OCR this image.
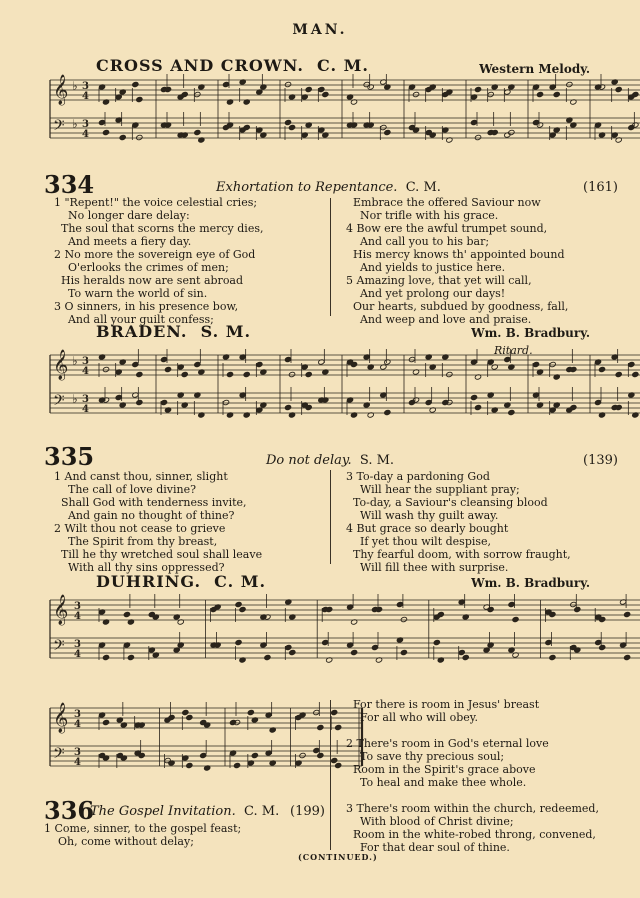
MAN.
CROSS AND CROWN. C. M.	Western Melody.
𝄞 ♭ 3
4
𝄢 ♭ 3
4
334	Exhortation to Repentance. C. M.	(161)
1 "Repent!" the voice celestial cries;
No longer dare delay:
The soul that scorns the mercy dies,
And meets a fiery day.
2 No more the sovereign eye of God
O'erlooks the crimes of men;
His heralds now are sent abroad
To warn the world of sin.
3 O sinners, in his presence bow,
And all your guilt confess;
Embrace the offered Saviour now
Nor trifle with his grace.
4 Bow ere the awful trumpet sound,
And call you to his bar;
His mercy knows th' appointed bound
And yields to justice here.
5 Amazing love, that yet will call,
And yet prolong our days!
Our hearts, subdued by goodness, fall,
And weep and love and praise.
BRADEN. S. M.	Wm. B. Bradbury.
Ritard.
𝄞 ♭ 3
4
𝄢 ♭ 3
4
335	Do not delay. S. M.	(139)
1 And canst thou, sinner, slight
The call of love divine?
Shall God with tenderness invite,
And gain no thought of thine?
2 Wilt thou not cease to grieve
The Spirit from thy breast,
Till he thy wretched soul shall leave
With all thy sins oppressed?
3 To-day a pardoning God
Will hear the suppliant pray;
To-day, a Saviour's cleansing blood
Will wash thy guilt away.
4 But grace so dearly bought
If yet thou wilt despise,
Thy fearful doom, with sorrow fraught,
Will fill thee with surprise.
DUHRING. C. M.	Wm. B. Bradbury.
𝄞 3
4
𝄢 3
4
𝄞 3
4
𝄢 3
4
336
The Gospel Invitation. C. M. (199)
1 Come, sinner, to the gospel feast;
Oh, come without delay;
For there is room in Jesus' breast
For all who will obey.

2 There's room in God's eternal love
To save thy precious soul;
Room in the Spirit's grace above
To heal and make thee whole.

3 There's room within the church, redeemed,
With blood of Christ divine;
Room in the white-robed throng, convened,
For that dear soul of thine.
(CONTINUED.)
